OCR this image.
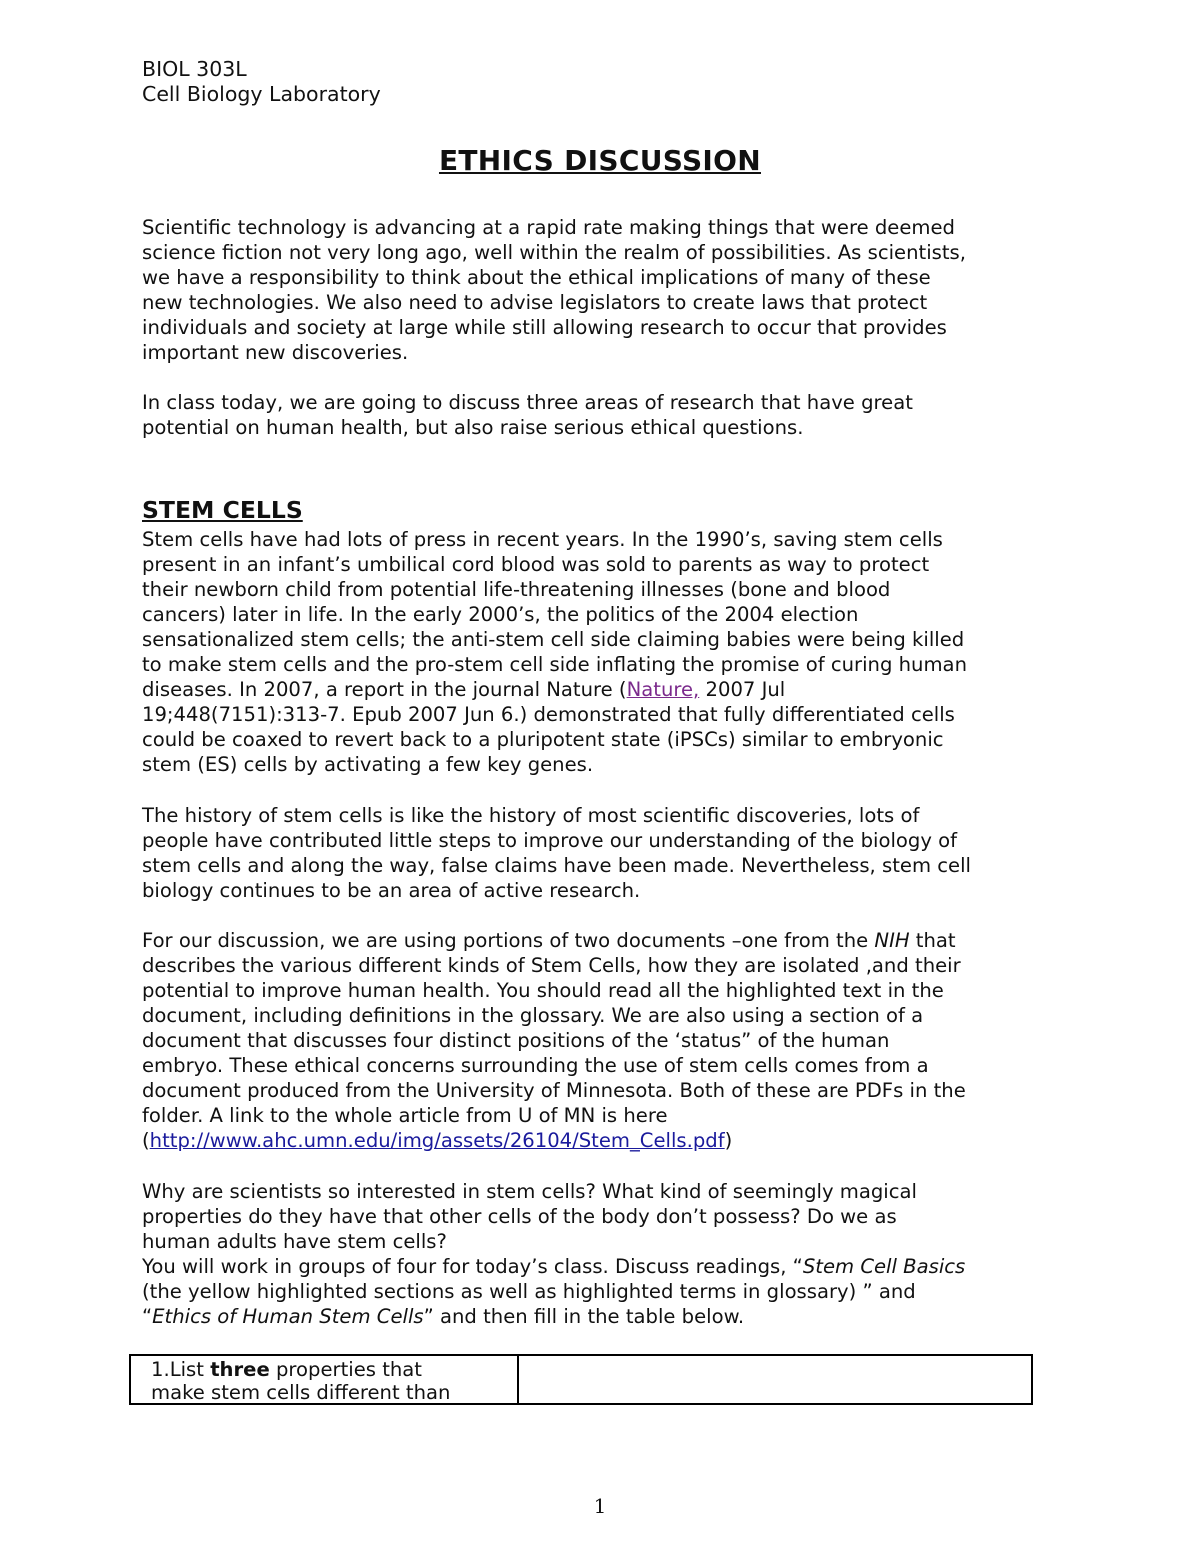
BIOL 303L
Cell Biology Laboratory
ETHICS DISCUSSION
Scientific technology is advancing at a rapid rate making things that were deemed
science fiction not very long ago, well within the realm of possibilities. As scientists,
we have a responsibility to think about the ethical implications of many of these
new technologies. We also need to advise legislators to create laws that protect
individuals and society at large while still allowing research to occur that provides
important new discoveries.
In class today, we are going to discuss three areas of research that have great
potential on human health, but also raise serious ethical questions.
STEM CELLS
Stem cells have had lots of press in recent years. In the 1990’s, saving stem cells
present in an infant’s umbilical cord blood was sold to parents as way to protect
their newborn child from potential life-threatening illnesses (bone and blood
cancers) later in life. In the early 2000’s, the politics of the 2004 election
sensationalized stem cells; the anti-stem cell side claiming babies were being killed
to make stem cells and the pro-stem cell side inflating the promise of curing human
diseases. In 2007, a report in the journal Nature (Nature, 2007 Jul
19;448(7151):313-7. Epub 2007 Jun 6.) demonstrated that fully differentiated cells
could be coaxed to revert back to a pluripotent state (iPSCs) similar to embryonic
stem (ES) cells by activating a few key genes.
The history of stem cells is like the history of most scientific discoveries, lots of
people have contributed little steps to improve our understanding of the biology of
stem cells and along the way, false claims have been made. Nevertheless, stem cell
biology continues to be an area of active research.
For our discussion, we are using portions of two documents –one from the NIH that
describes the various different kinds of Stem Cells, how they are isolated ,and their
potential to improve human health. You should read all the highlighted text in the
document, including definitions in the glossary. We are also using a section of a
document that discusses four distinct positions of the ‘status” of the human
embryo. These ethical concerns surrounding the use of stem cells comes from a
document produced from the University of Minnesota. Both of these are PDFs in the
folder. A link to the whole article from U of MN is here
(http://www.ahc.umn.edu/img/assets/26104/Stem_Cells.pdf)
Why are scientists so interested in stem cells? What kind of seemingly magical
properties do they have that other cells of the body don’t possess? Do we as
human adults have stem cells?
You will work in groups of four for today’s class. Discuss readings, “Stem Cell Basics
(the yellow highlighted sections as well as highlighted terms in glossary) ” and
“Ethics of Human Stem Cells” and then fill in the table below.
1.List three properties that
make stem cells different than
1
